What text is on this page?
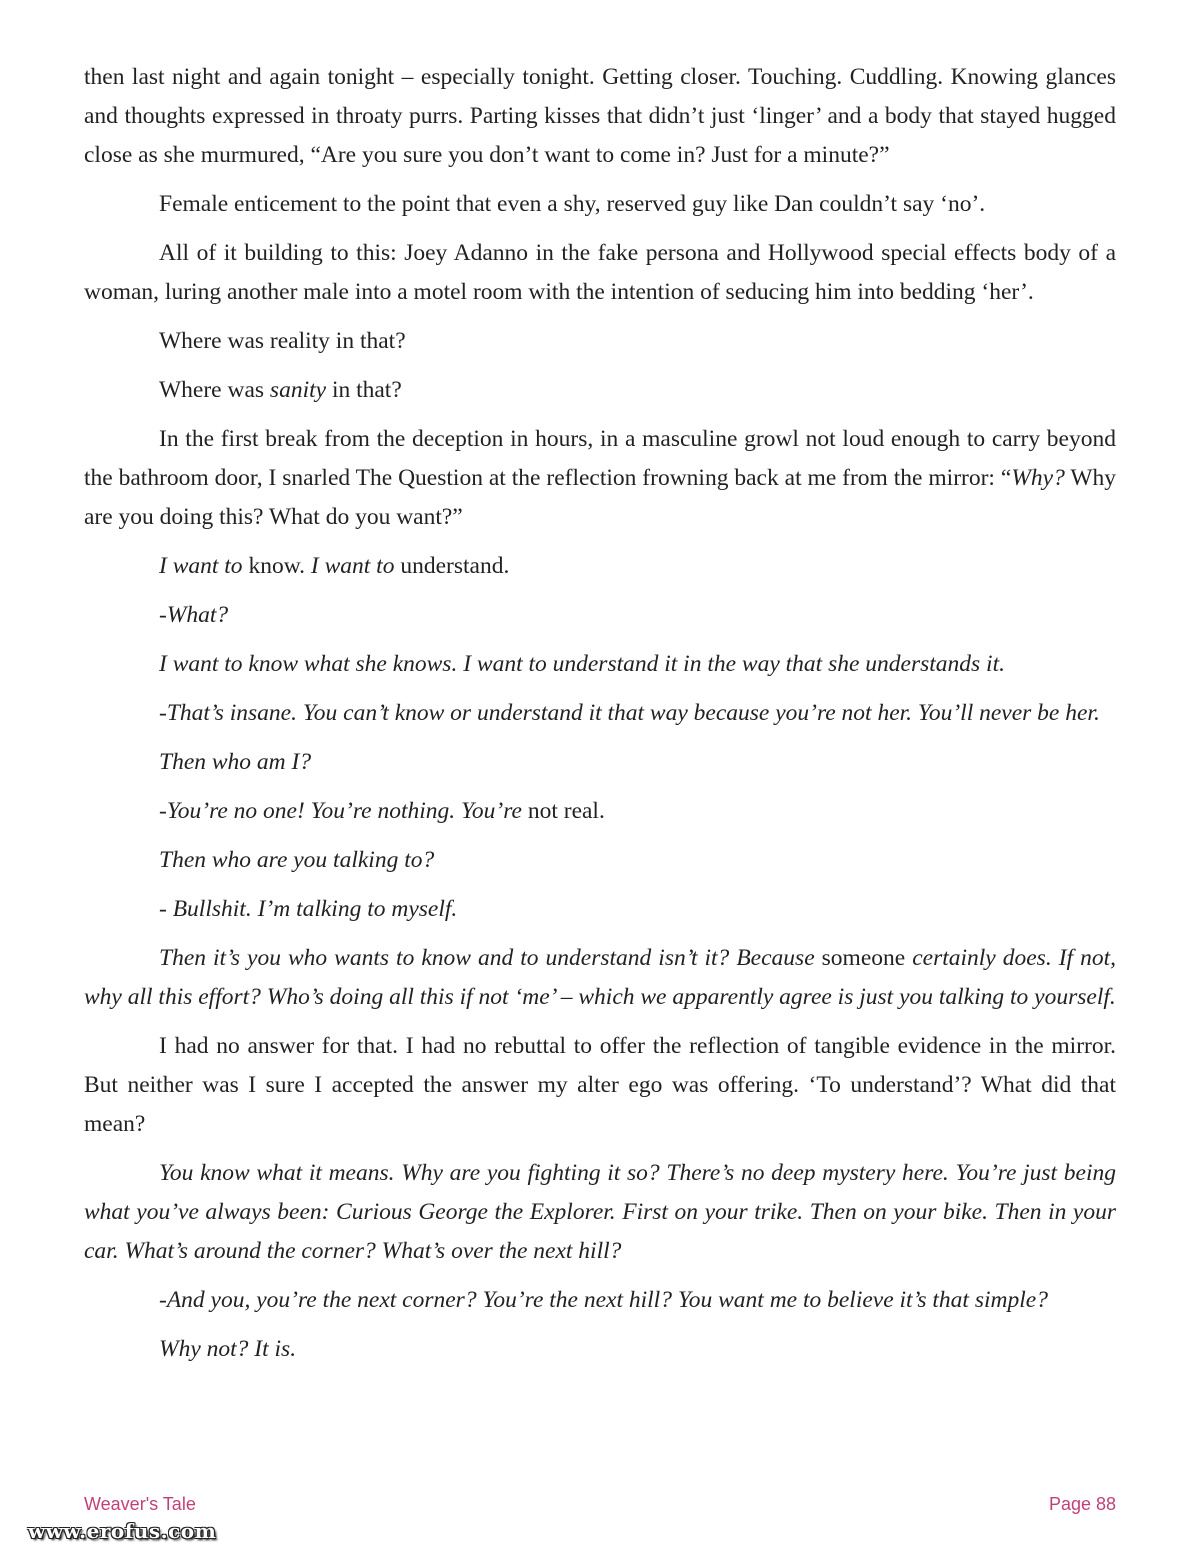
then last night and again tonight – especially tonight. Getting closer. Touching. Cuddling. Knowing glances and thoughts expressed in throaty purrs. Parting kisses that didn’t just ‘linger’ and a body that stayed hugged close as she murmured, “Are you sure you don’t want to come in? Just for a minute?”

Female enticement to the point that even a shy, reserved guy like Dan couldn’t say ‘no’.

All of it building to this: Joey Adanno in the fake persona and Hollywood special effects body of a woman, luring another male into a motel room with the intention of seducing him into bedding ‘her’.

Where was reality in that?

Where was sanity in that?

In the first break from the deception in hours, in a masculine growl not loud enough to carry beyond the bathroom door, I snarled The Question at the reflection frowning back at me from the mirror: “Why? Why are you doing this? What do you want?”

I want to know. I want to understand.

-What?

I want to know what she knows. I want to understand it in the way that she understands it.

-That’s insane. You can’t know or understand it that way because you’re not her. You’ll never be her.

Then who am I?

-You’re no one! You’re nothing. You’re not real.

Then who are you talking to?

- Bullshit. I’m talking to myself.

Then it’s you who wants to know and to understand isn’t it? Because someone certainly does. If not, why all this effort? Who’s doing all this if not ‘me’ – which we apparently agree is just you talking to yourself.

I had no answer for that. I had no rebuttal to offer the reflection of tangible evidence in the mirror. But neither was I sure I accepted the answer my alter ego was offering. ‘To understand’? What did that mean?

You know what it means. Why are you fighting it so? There’s no deep mystery here. You’re just being what you’ve always been: Curious George the Explorer. First on your trike. Then on your bike. Then in your car. What’s around the corner? What’s over the next hill?

-And you, you’re the next corner? You’re the next hill? You want me to believe it’s that simple?

Why not? It is.

Weaver's Tale	Page 88
www.erofus.com
